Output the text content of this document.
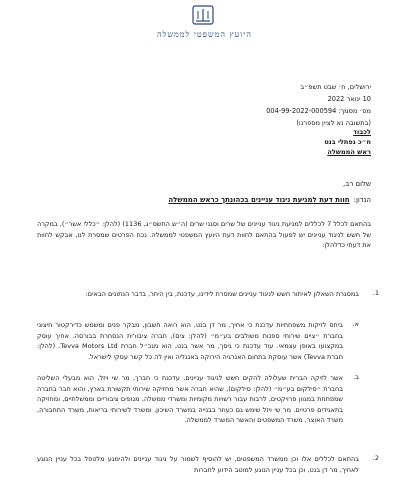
היועץ המשפטי לממשלה
ירושלים, ח׳ שבט תשפ״ב
10 ינואר 2022
מס׳ מסמך: 004-99-2022-000594
(בתשובה נא לציין מספרנו)
לכבוד
ח״כ נפתלי בנט
ראש הממשלה
שלום רב,
הנדון:חוות דעת למניעת ניגוד עניינים בכהונתך כראש הממשלה
בהתאם לכלל 7 לכללים למניעת ניגוד עניינים של שרים וסגני שרים (ה״ש התשס״ג, 1136) (להלן: ״כללי אשר״), במקרה של חשש לניגוד עניינים יש לפעול בהתאם לחוות דעת היועץ המשפטי לממשלה. נכח הפרטים שמסרת לנו, אבקש לחוות את דעתי כדלהלן:
1.
במסגרת השאלון לאיתור חשש לניגוד עניינים שמסרת לידינו, עדכנת, בין היתר, בדבר הנתונים הבאים:
א.
ביחס לזיקות משפחתיות עדכנת כי אחיך, מר דן בנט, הוא רואה חשבון, מבקר פנים ומשמש כדירקטור חיצוני בחברת ״ציים שירותי ספנות משולבים בע״מ״ (להלן: צים), חברה ציבורית הנסחרת בבורסה. אחיך עוסק במקצועו באופן עצמאי. עוד עדכנת כי גיסך, מר אשר בנט, הוא מנכ״ל חברת Tevva Motors Ltd. (להלן: חברת Tevva) אשר עוסקת בתחום האנרגיה הירוקה באנגליה ואין לה כל קשר עסקי לישראל.
ב.
אשר לזיקה הברית שעלולה להקים חשש לניגוד עניינים, עדכנת כי חברך, מר שי ויזל, הוא מבעלי השליטה בחברת ״סילקום בע״מ״ (להלן: סילקום), שהיא חברה אשר מחזיקה שירותי תקשורת בארץ, והוא חבר בחברה שמפתחת במגוון פרויקטים, לרבות עבור רשויות מקומיות ומשרדי ממשלה, מגופים ציבוריים וממשלתיים, ומחזיקה בתאגידים פרטיים. מר שי ויזל שימש גם כעוזר בבנייה במשרד השיכון, ומשרד לשירותי בריאות, משרד התחבורה, משרד האוצר, משרד המשפטים והאשר המשרד לממשלה.
2.
בהתאם לכללים אלו וכן ממשרד המשפטים, יש להוסיף לשמור על ניגוד עניינים ולהימנע מלטפל בכל עניין הנוגע לאחיך, מר דן בנט, וכן בכל עניין הנוגע למוטב הידוע לחברות
